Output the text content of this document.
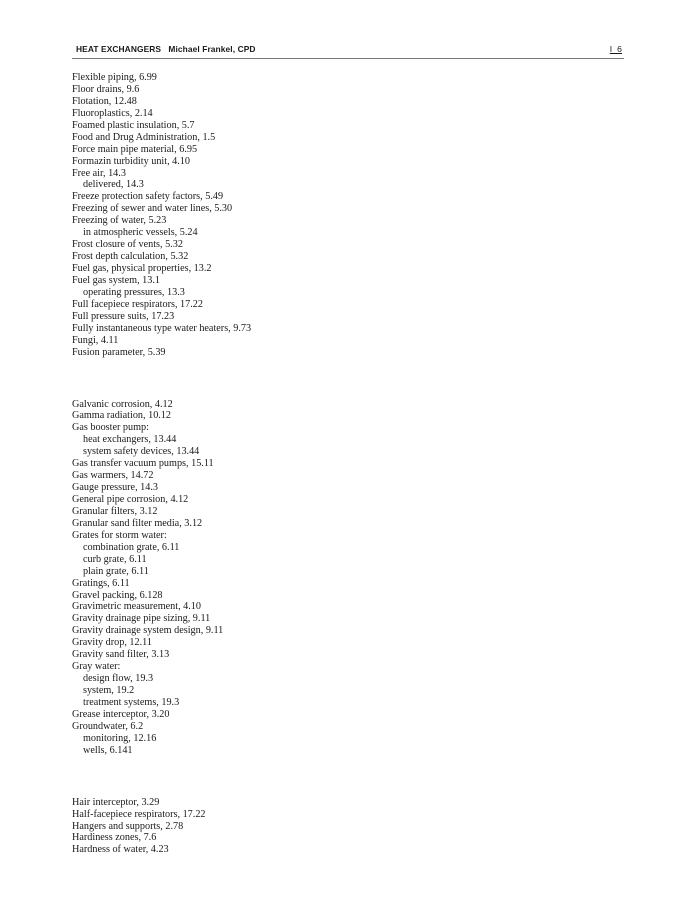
HEAT EXCHANGERS   Michael Frankel, CPD	I_6
Flexible piping, 6.99
Floor drains, 9.6
Flotation, 12.48
Fluoroplastics, 2.14
Foamed plastic insulation, 5.7
Food and Drug Administration, 1.5
Force main pipe material, 6.95
Formazin turbidity unit, 4.10
Free air, 14.3
delivered, 14.3
Freeze protection safety factors, 5.49
Freezing of sewer and water lines, 5.30
Freezing of water, 5.23
in atmospheric vessels, 5.24
Frost closure of vents, 5.32
Frost depth calculation, 5.32
Fuel gas, physical properties, 13.2
Fuel gas system, 13.1
operating pressures, 13.3
Full facepiece respirators, 17.22
Full pressure suits, 17.23
Fully instantaneous type water heaters, 9.73
Fungi, 4.11
Fusion parameter, 5.39
Galvanic corrosion, 4.12
Gamma radiation, 10.12
Gas booster pump:
heat exchangers, 13.44
system safety devices, 13.44
Gas transfer vacuum pumps, 15.11
Gas warmers, 14.72
Gauge pressure, 14.3
General pipe corrosion, 4.12
Granular filters, 3.12
Granular sand filter media, 3.12
Grates for storm water:
combination grate, 6.11
curb grate, 6.11
plain grate, 6.11
Gratings, 6.11
Gravel packing, 6.128
Gravimetric measurement, 4.10
Gravity drainage pipe sizing, 9.11
Gravity drainage system design, 9.11
Gravity drop, 12.11
Gravity sand filter, 3.13
Gray water:
design flow, 19.3
system, 19.2
treatment systems, 19.3
Grease interceptor, 3.20
Groundwater, 6.2
monitoring, 12.16
wells, 6.141
Hair interceptor, 3.29
Half-facepiece respirators, 17.22
Hangers and supports, 2.78
Hardiness zones, 7.6
Hardness of water, 4.23
